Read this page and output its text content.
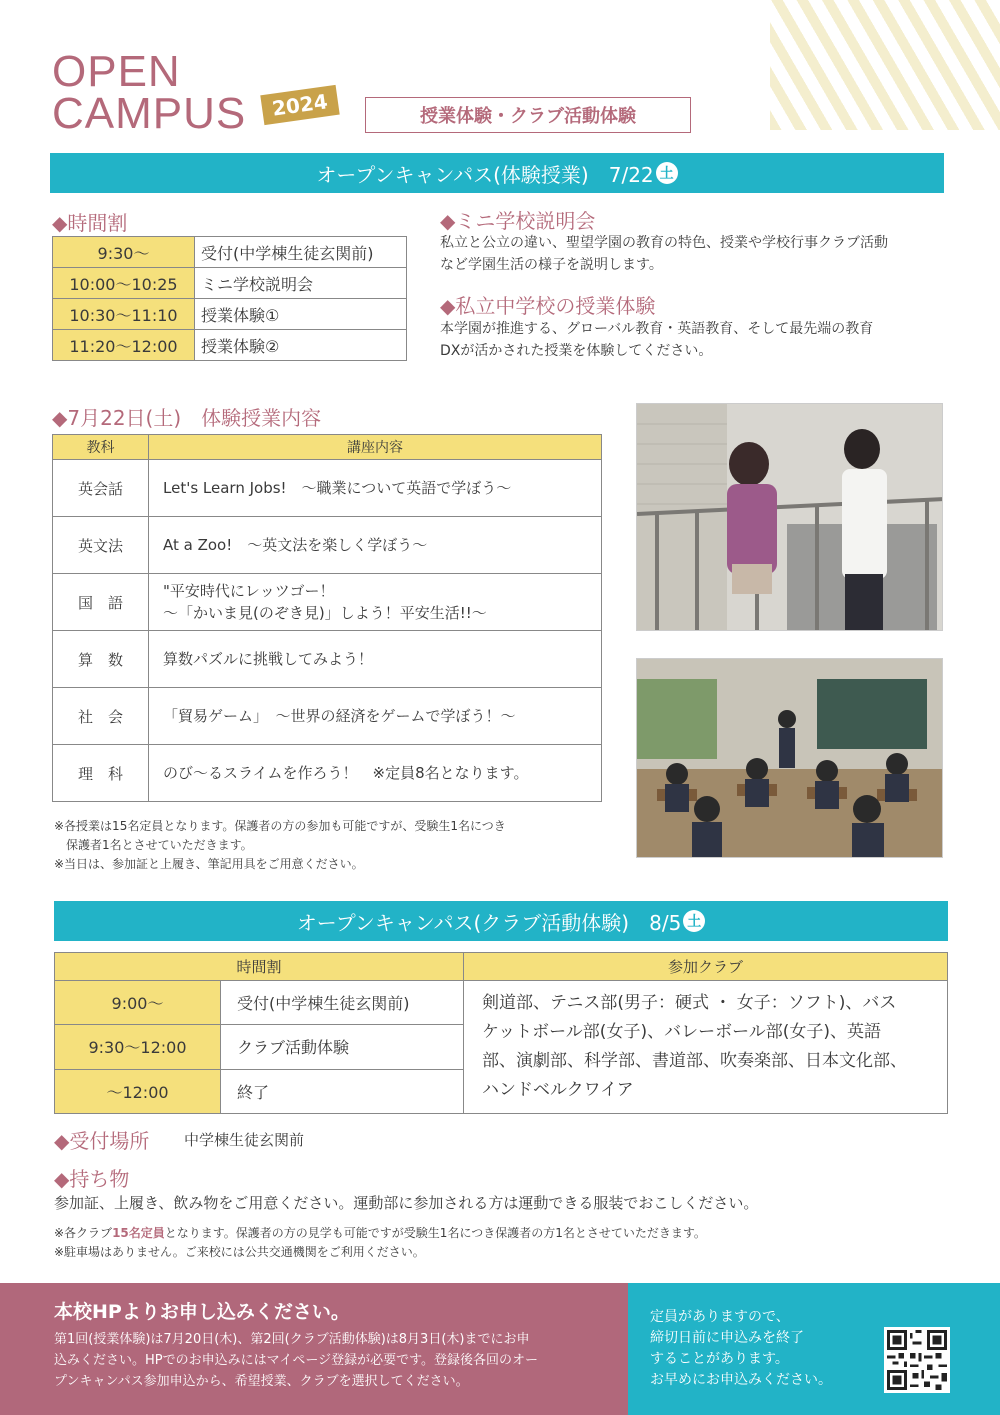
OPEN
CAMPUS	2024	授業体験・クラブ活動体験
オープンキャンパス(体験授業)　7/22 土
◆時間割
9:30〜	受付(中学棟生徒玄関前)
10:00〜10:25	ミニ学校説明会
10:30〜11:10	授業体験①
11:20〜12:00	授業体験②
◆ミニ学校説明会
私立と公立の違い、聖望学園の教育の特色、授業や学校行事クラブ活動
など学園生活の様子を説明します。
◆私立中学校の授業体験
本学園が推進する、グローバル教育・英語教育、そして最先端の教育
DXが活かされた授業を体験してください。
◆7月22日(土)　体験授業内容
教科	講座内容
英会話	Let's Learn Jobs!　〜職業について英語で学ぼう〜

英文法	At a Zoo!　〜英文法を楽しく学ぼう〜

国　語	"平安時代にレッツゴー！
〜「かいま見(のぞき見)」しよう！平安生活!!〜

算　数	算数パズルに挑戦してみよう！

社　会	「貿易ゲーム」　〜世界の経済をゲームで学ぼう！〜

理　科	のび〜るスライムを作ろう！　※定員8名となります。
※各授業は15名定員となります。保護者の方の参加も可能ですが、受験生1名につき
　保護者1名とさせていただきます。
※当日は、参加証と上履き、筆記用具をご用意ください。
オープンキャンパス(クラブ活動体験)　8/5 土
時間割		参加クラブ
9:00〜	受付(中学棟生徒玄関前)	剣道部、テニス部(男子：硬式 ・ 女子：ソフト)、バス
ケットボール部(女子)、バレーボール部(女子)、英語
部、演劇部、科学部、書道部、吹奏楽部、日本文化部、
ハンドベルクワイア

9:30〜12:00	クラブ活動体験	
〜12:00	終了	
◆受付場所 中学棟生徒玄関前
◆持ち物
参加証、上履き、飲み物をご用意ください。運動部に参加される方は運動できる服装でおこしください。
※各クラブ15名定員となります。保護者の方の見学も可能ですが受験生1名につき保護者の方1名とさせていただきます。
※駐車場はありません。ご来校には公共交通機関をご利用ください。
本校HPよりお申し込みください。
第1回(授業体験)は7月20日(木)、第2回(クラブ活動体験)は8月3日(木)までにお申
込みください。HPでのお申込みにはマイページ登録が必要です。登録後各回のオー
プンキャンパス参加申込から、希望授業、クラブを選択してください。
定員がありますので、
締切日前に申込みを終了
することがあります。
お早めにお申込みください。
